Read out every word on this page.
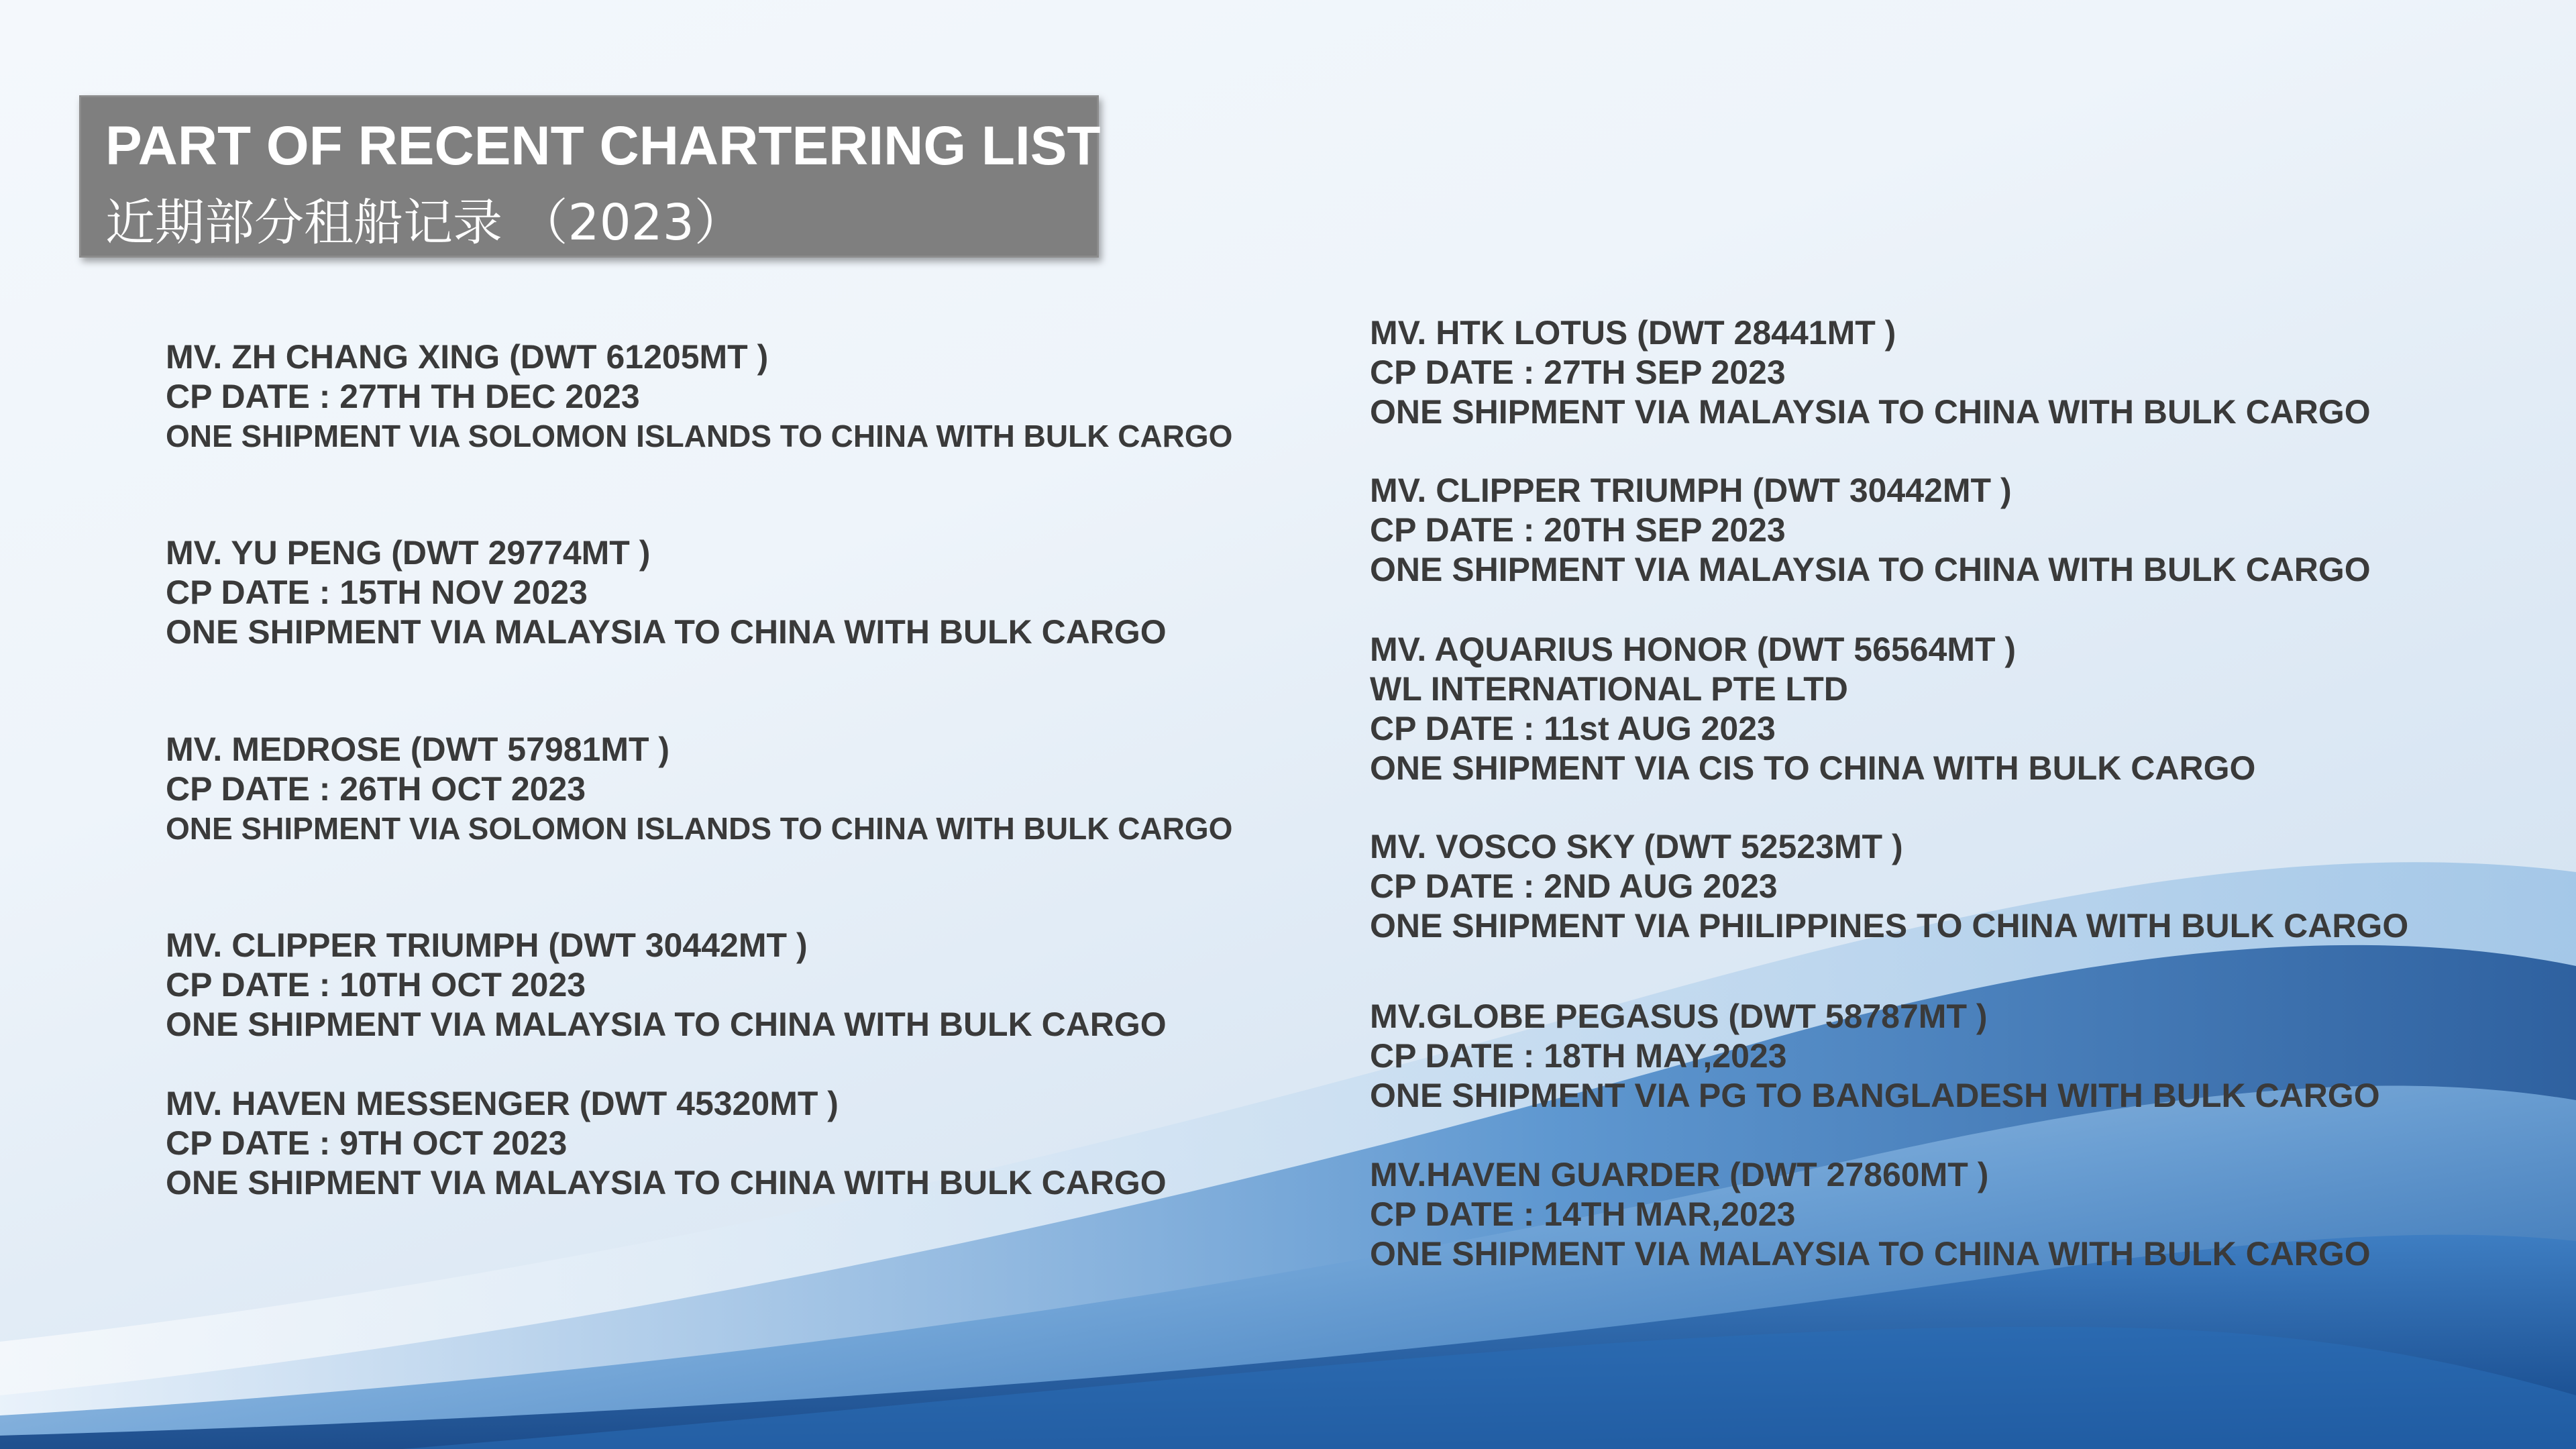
PART OF RECENT CHARTERING LIST
近期部分租船记录 （2023）
MV. ZH CHANG XING (DWT 61205MT )
CP DATE : 27TH TH DEC 2023
ONE SHIPMENT VIA SOLOMON ISLANDS TO CHINA WITH BULK CARGO
MV. YU PENG (DWT 29774MT )
CP DATE : 15TH NOV 2023
ONE SHIPMENT VIA MALAYSIA TO CHINA WITH BULK CARGO
MV. MEDROSE (DWT 57981MT )
CP DATE : 26TH OCT 2023
ONE SHIPMENT VIA SOLOMON ISLANDS TO CHINA WITH BULK CARGO
MV. CLIPPER TRIUMPH (DWT 30442MT )
CP DATE : 10TH OCT 2023
ONE SHIPMENT VIA MALAYSIA TO CHINA WITH BULK CARGO
MV. HAVEN MESSENGER (DWT 45320MT )
CP DATE : 9TH OCT 2023
ONE SHIPMENT VIA MALAYSIA TO CHINA WITH BULK CARGO
MV. HTK LOTUS (DWT 28441MT )
CP DATE : 27TH SEP 2023
ONE SHIPMENT VIA MALAYSIA TO CHINA WITH BULK CARGO
MV. CLIPPER TRIUMPH (DWT 30442MT )
CP DATE : 20TH SEP 2023
ONE SHIPMENT VIA MALAYSIA TO CHINA WITH BULK CARGO
MV. AQUARIUS HONOR (DWT 56564MT )
WL INTERNATIONAL PTE LTD
CP DATE : 11st AUG 2023
ONE SHIPMENT VIA CIS TO CHINA WITH BULK CARGO
MV. VOSCO SKY (DWT 52523MT )
CP DATE : 2ND AUG 2023
ONE SHIPMENT VIA PHILIPPINES TO CHINA WITH BULK CARGO
MV.GLOBE PEGASUS (DWT 58787MT )
CP DATE : 18TH MAY,2023
ONE SHIPMENT VIA PG TO BANGLADESH WITH BULK CARGO
MV.HAVEN GUARDER (DWT 27860MT )
CP DATE : 14TH MAR,2023
ONE SHIPMENT VIA MALAYSIA TO CHINA WITH BULK CARGO
